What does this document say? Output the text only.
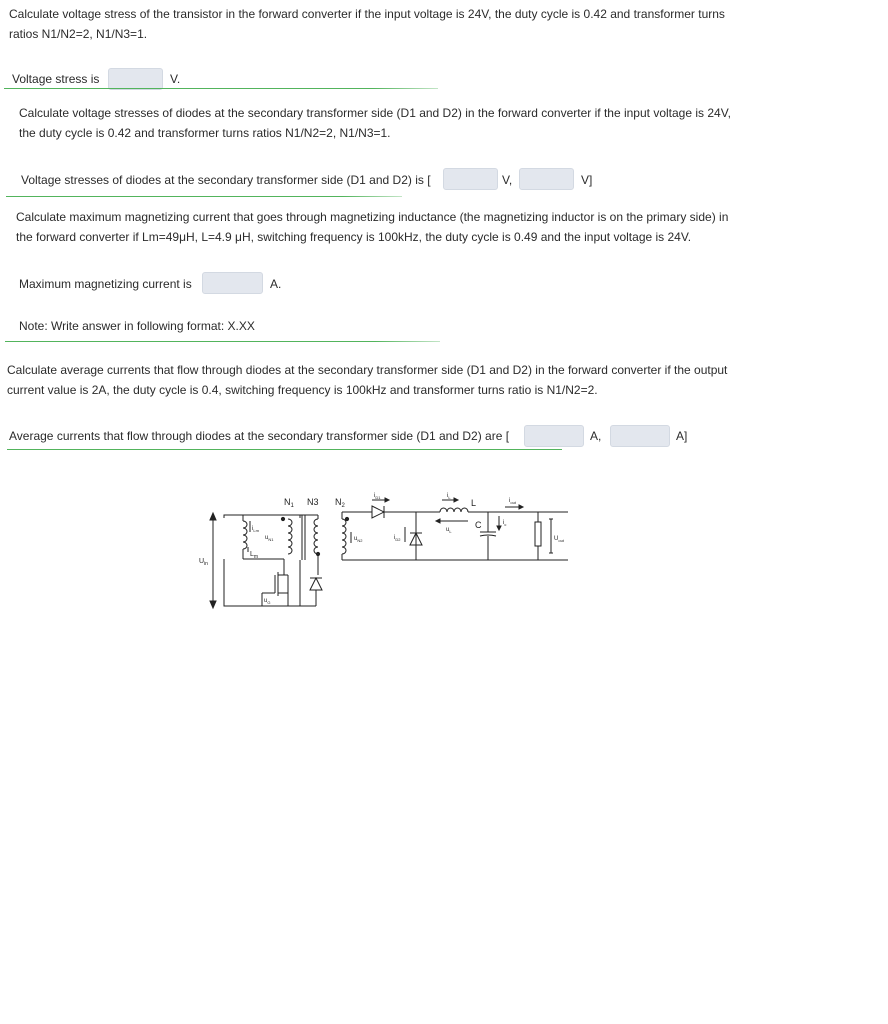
Calculate voltage stress of the transistor in the forward converter if the input voltage is 24V, the duty cycle is 0.42 and transformer turns
ratios N1/N2=2, N1/N3=1.
Voltage stress is	V.
Calculate voltage stresses of diodes at the secondary transformer side (D1 and D2) in the forward converter if the input voltage is 24V,
the duty cycle is 0.42 and transformer turns ratios N1/N2=2, N1/N3=1.
Voltage stresses of diodes at the secondary transformer side (D1 and D2) is [	V,	V]
Calculate maximum magnetizing current that goes through magnetizing inductance (the magnetizing inductor is on the primary side) in
the forward converter if Lm=49μH, L=4.9 μH, switching frequency is 100kHz, the duty cycle is 0.49 and the input voltage is 24V.
Maximum magnetizing current is	A.
Note: Write answer in following format: X.XX
Calculate average currents that flow through diodes at the secondary transformer side (D1 and D2) in the forward converter if the output
current value is 2A, the duty cycle is 0.4, switching frequency is 100kHz and transformer turns ratio is N1/N2=2.
Average currents that flow through diodes at the secondary transformer side (D1 and D2) are [	A,	A]
$U_{in}$
$i_{Lm}$
$L_m$
$u_{N1}$
$N_1$ N3
$u_G$
$N_2$
$u_{N2}$
$i_{D1}$
$i_{D2}$
$i_L$
L
$u_L$
C	$i_c$
$i_{out}$
$U_{out}$
